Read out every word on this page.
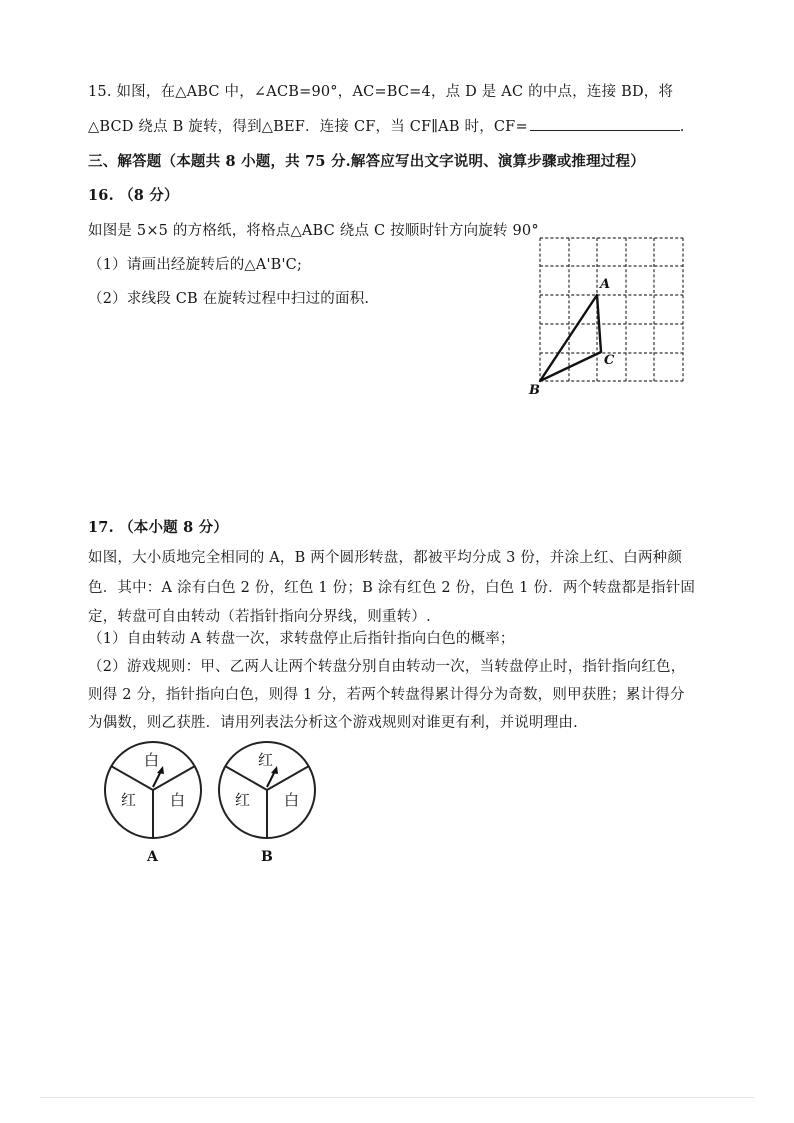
15. 如图，在△ABC 中，∠ACB=90°，AC=BC=4，点 D 是 AC 的中点，连接 BD，将
△BCD 绕点 B 旋转，得到△BEF．连接 CF，当 CF∥AB 时，CF=	.
三、解答题（本题共 8 小题，共 75 分.解答应写出文字说明、演算步骤或推理过程）
16. （8 分）
如图是 5×5 的方格纸，将格点△ABC 绕点 C 按顺时针方向旋转 90°
（1）请画出经旋转后的△A'B'C;
（2）求线段 CB 在旋转过程中扫过的面积.
A
B
C
17. （本小题 8 分）
如图，大小质地完全相同的 A，B 两个圆形转盘，都被平均分成 3 份，并涂上红、白两种颜
色．其中：A 涂有白色 2 份，红色 1 份；B 涂有红色 2 份，白色 1 份．两个转盘都是指针固
定，转盘可自由转动（若指针指向分界线，则重转）.
（1）自由转动 A 转盘一次，求转盘停止后指针指向白色的概率；
（2）游戏规则：甲、乙两人让两个转盘分别自由转动一次，当转盘停止时，指针指向红色，
则得 2 分，指针指向白色，则得 1 分，若两个转盘得累计得分为奇数，则甲获胜；累计得分
为偶数，则乙获胜．请用列表法分析这个游戏规则对谁更有利，并说明理由.
白
红 白
A
红
红 白
B
